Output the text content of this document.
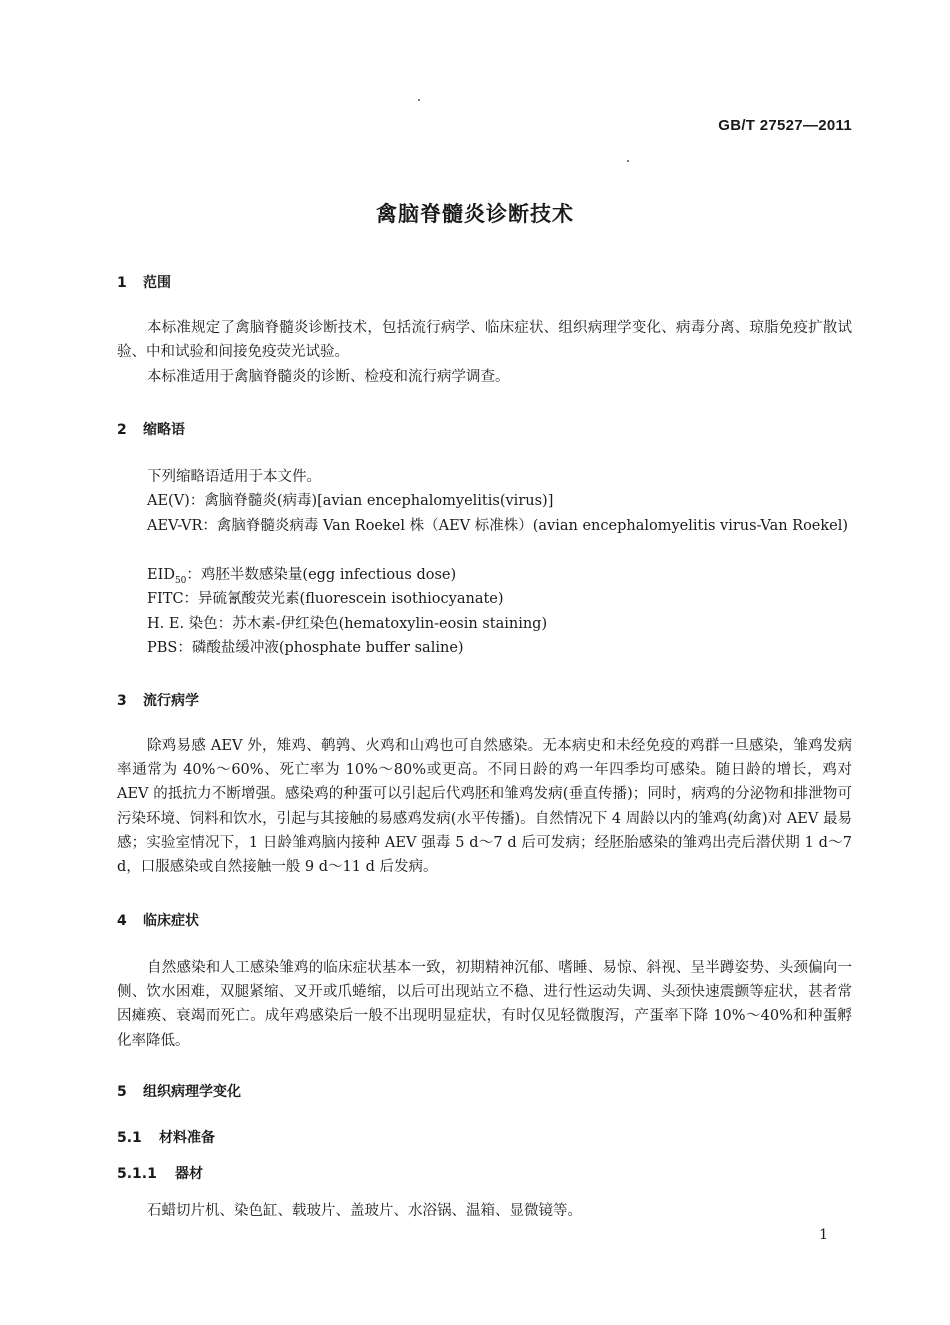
GB/T 27527—2011
禽脑脊髓炎诊断技术
1 范围
本标准规定了禽脑脊髓炎诊断技术，包括流行病学、临床症状、组织病理学变化、病毒分离、琼脂免疫扩散试验、中和试验和间接免疫荧光试验。
本标准适用于禽脑脊髓炎的诊断、检疫和流行病学调查。
2 缩略语
下列缩略语适用于本文件。
AE(V)：禽脑脊髓炎(病毒)[avian encephalomyelitis(virus)]
AEV-VR：禽脑脊髓炎病毒 Van Roekel 株（AEV 标准株）(avian encephalomyelitis virus-Van Roekel)
$EID_{50}$：鸡胚半数感染量(egg infectious dose)
FITC：异硫氰酸荧光素(fluorescein isothiocyanate)
H. E. 染色：苏木素-伊红染色(hematoxylin-eosin staining)
PBS：磷酸盐缓冲液(phosphate buffer saline)
3 流行病学
除鸡易感 AEV 外，雉鸡、鹌鹑、火鸡和山鸡也可自然感染。无本病史和未经免疫的鸡群一旦感染，雏鸡发病率通常为 40%～60%、死亡率为 10%～80%或更高。不同日龄的鸡一年四季均可感染。随日龄的增长，鸡对 AEV 的抵抗力不断增强。感染鸡的种蛋可以引起后代鸡胚和雏鸡发病(垂直传播)；同时，病鸡的分泌物和排泄物可污染环境、饲料和饮水，引起与其接触的易感鸡发病(水平传播)。自然情况下 4 周龄以内的雏鸡(幼禽)对 AEV 最易感；实验室情况下，1 日龄雏鸡脑内接种 AEV 强毒 5 d～7 d 后可发病；经胚胎感染的雏鸡出壳后潜伏期 1 d～7 d，口服感染或自然接触一般 9 d～11 d 后发病。
4 临床症状
自然感染和人工感染雏鸡的临床症状基本一致，初期精神沉郁、嗜睡、易惊、斜视、呈半蹲姿势、头颈偏向一侧、饮水困难，双腿紧缩、叉开或爪蜷缩，以后可出现站立不稳、进行性运动失调、头颈快速震颤等症状，甚者常因瘫痪、衰竭而死亡。成年鸡感染后一般不出现明显症状，有时仅见轻微腹泻，产蛋率下降 10%～40%和种蛋孵化率降低。
5 组织病理学变化
5.1 材料准备
5.1.1 器材
石蜡切片机、染色缸、载玻片、盖玻片、水浴锅、温箱、显微镜等。
1
